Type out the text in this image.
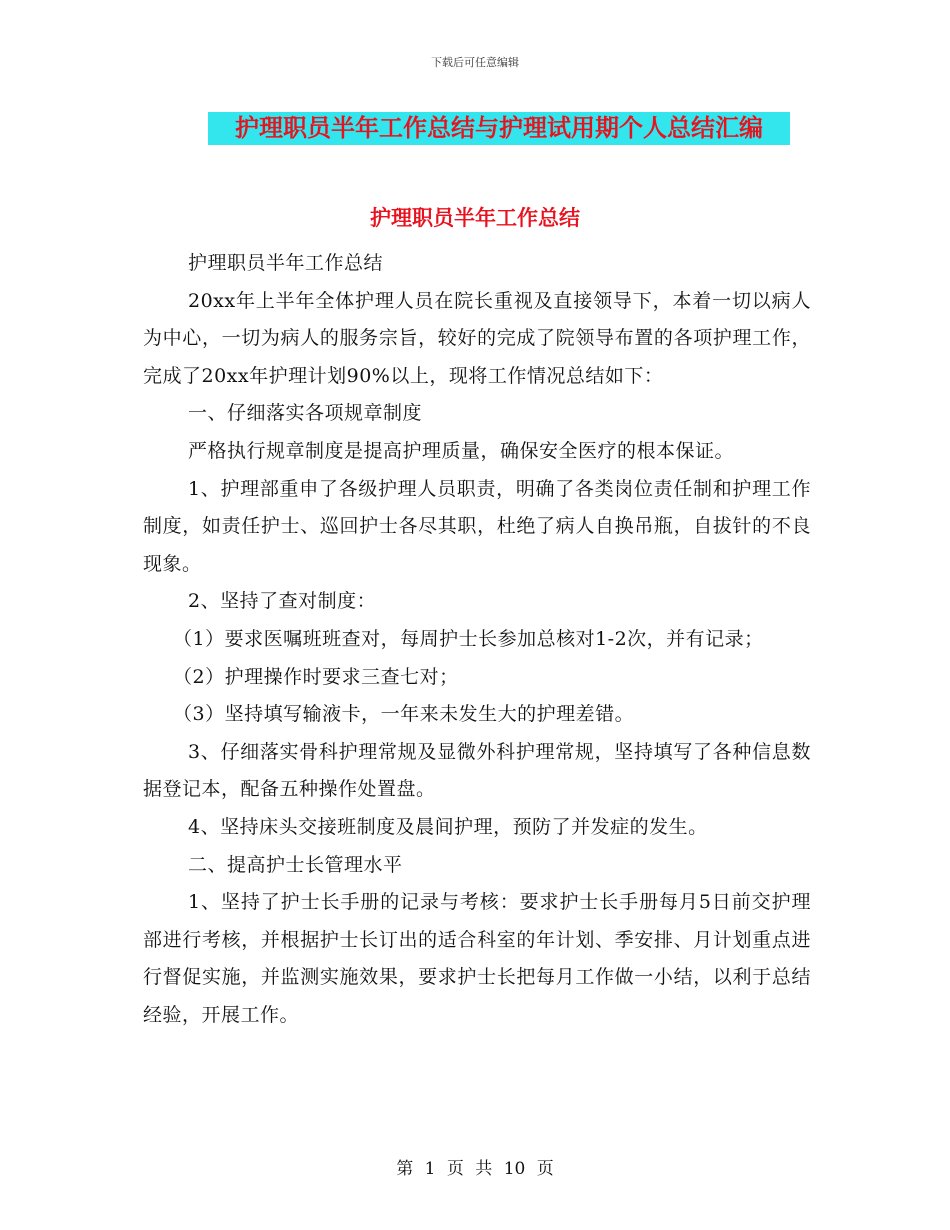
下载后可任意编辑
护理职员半年工作总结与护理试用期个人总结汇编
护理职员半年工作总结

护理职员半年工作总结

20xx年上半年全体护理人员在院长重视及直接领导下，本着一切以病人为中心，一切为病人的服务宗旨，较好的完成了院领导布置的各项护理工作，完成了20xx年护理计划90%以上，现将工作情况总结如下：

一、仔细落实各项规章制度

严格执行规章制度是提高护理质量，确保安全医疗的根本保证。

1、护理部重申了各级护理人员职责，明确了各类岗位责任制和护理工作制度，如责任护士、巡回护士各尽其职，杜绝了病人自换吊瓶，自拔针的不良现象。

2、坚持了查对制度：

（1）要求医嘱班班查对，每周护士长参加总核对1-2次，并有记录；

（2）护理操作时要求三查七对；

（3）坚持填写输液卡，一年来未发生大的护理差错。

3、仔细落实骨科护理常规及显微外科护理常规，坚持填写了各种信息数据登记本，配备五种操作处置盘。

4、坚持床头交接班制度及晨间护理，预防了并发症的发生。

二、提高护士长管理水平

1、坚持了护士长手册的记录与考核：要求护士长手册每月5日前交护理部进行考核，并根据护士长订出的适合科室的年计划、季安排、月计划重点进行督促实施，并监测实施效果，要求护士长把每月工作做一小结，以利于总结经验，开展工作。

第 1 页 共 10 页
